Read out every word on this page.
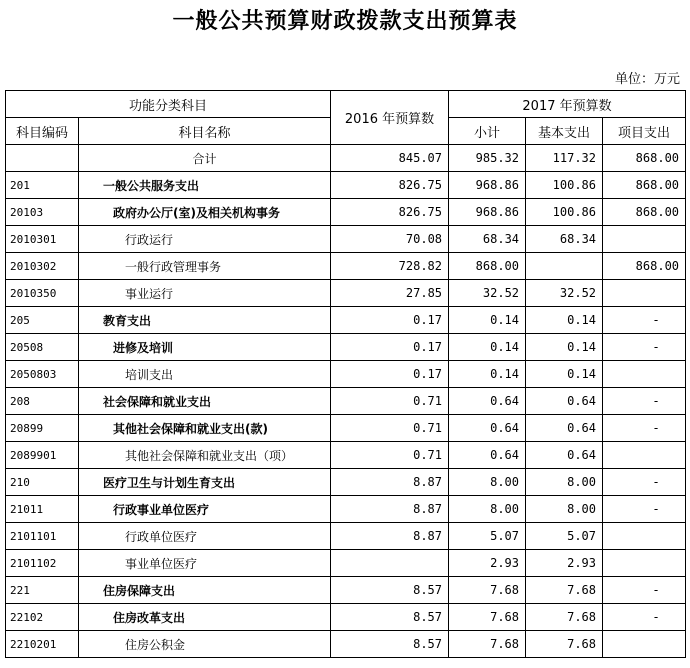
一般公共预算财政拨款支出预算表
单位：万元
功能分类科目		2016 年预算数	2017 年预算数		
科目编码	科目名称		小计	基本支出	项目支出
	合计	845.07	985.32	117.32	868.00
201	一般公共服务支出	826.75	968.86	100.86	868.00
20103	政府办公厅(室)及相关机构事务	826.75	968.86	100.86	868.00
2010301	行政运行	70.08	68.34	68.34	
2010302	一般行政管理事务	728.82	868.00		868.00
2010350	事业运行	27.85	32.52	32.52	
205	教育支出	0.17	0.14	0.14	-
20508	进修及培训	0.17	0.14	0.14	-
2050803	培训支出	0.17	0.14	0.14	
208	社会保障和就业支出	0.71	0.64	0.64	-
20899	其他社会保障和就业支出(款)	0.71	0.64	0.64	-
2089901	其他社会保障和就业支出（项）	0.71	0.64	0.64	
210	医疗卫生与计划生育支出	8.87	8.00	8.00	-
21011	行政事业单位医疗	8.87	8.00	8.00	-
2101101	行政单位医疗	8.87	5.07	5.07	
2101102	事业单位医疗		2.93	2.93	
221	住房保障支出	8.57	7.68	7.68	-
22102	住房改革支出	8.57	7.68	7.68	-
2210201	住房公积金	8.57	7.68	7.68	
